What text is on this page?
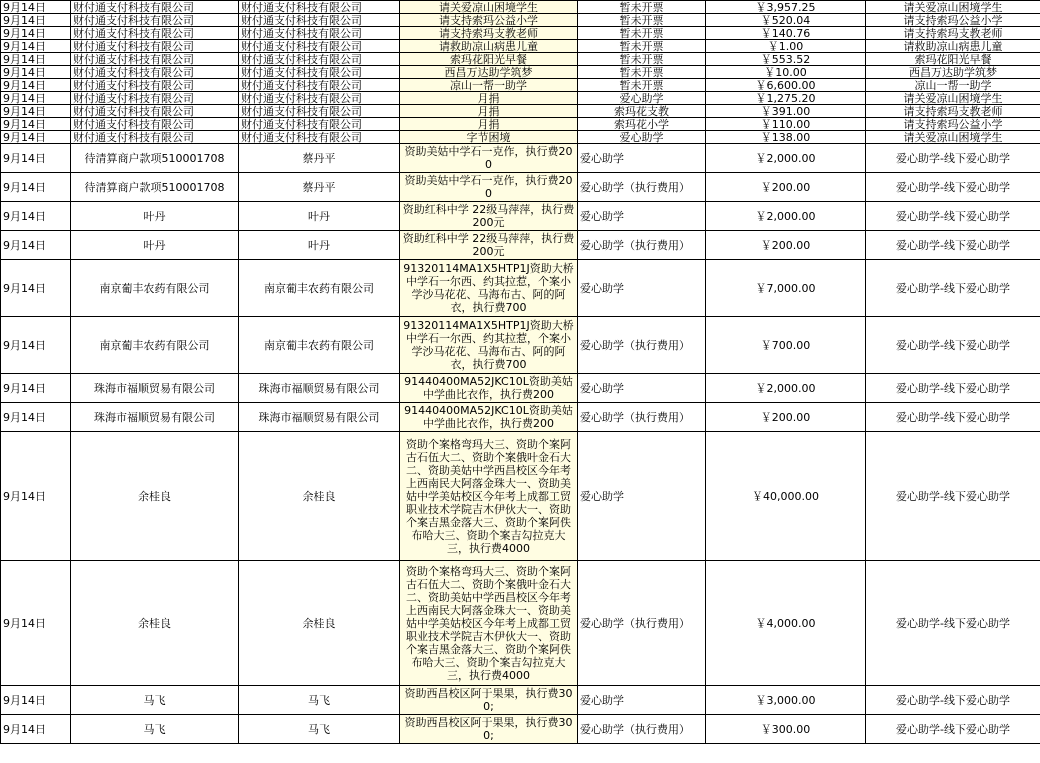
9月14日	财付通支付科技有限公司	财付通支付科技有限公司	请关爱凉山困境学生	暂未开票	￥3,957.25	请关爱凉山困境学生
9月14日	财付通支付科技有限公司	财付通支付科技有限公司	请支持索玛公益小学	暂未开票	￥520.04	请支持索玛公益小学
9月14日	财付通支付科技有限公司	财付通支付科技有限公司	请支持索玛支教老师	暂未开票	￥140.76	请支持索玛支教老师
9月14日	财付通支付科技有限公司	财付通支付科技有限公司	请救助凉山病患儿童	暂未开票	￥1.00	请救助凉山病患儿童
9月14日	财付通支付科技有限公司	财付通支付科技有限公司	索玛花阳光早餐	暂未开票	￥553.52	索玛花阳光早餐
9月14日	财付通支付科技有限公司	财付通支付科技有限公司	西昌万达助学筑梦	暂未开票	￥10.00	西昌万达助学筑梦
9月14日	财付通支付科技有限公司	财付通支付科技有限公司	凉山一帮一助学	暂未开票	￥6,600.00	凉山一帮一助学
9月14日	财付通支付科技有限公司	财付通支付科技有限公司	月捐	爱心助学	￥1,275.20	请关爱凉山困境学生
9月14日	财付通支付科技有限公司	财付通支付科技有限公司	月捐	索玛花支教	￥391.00	请支持索玛支教老师
9月14日	财付通支付科技有限公司	财付通支付科技有限公司	月捐	索玛花小学	￥110.00	请支持索玛公益小学
9月14日	财付通支付科技有限公司	财付通支付科技有限公司	字节困境	爱心助学	￥138.00	请关爱凉山困境学生
9月14日	待清算商户款项510001708	蔡丹平	资助美姑中学石一克作，执行费200	爱心助学	￥2,000.00	爱心助学-线下爱心助学
9月14日	待清算商户款项510001708	蔡丹平	资助美姑中学石一克作，执行费200	爱心助学（执行费用）	￥200.00	爱心助学-线下爱心助学
9月14日	叶丹	叶丹	资助红科中学 22级马萍萍，执行费200元	爱心助学	￥2,000.00	爱心助学-线下爱心助学
9月14日	叶丹	叶丹	资助红科中学 22级马萍萍，执行费200元	爱心助学（执行费用）	￥200.00	爱心助学-线下爱心助学
9月14日	南京葡丰农药有限公司	南京葡丰农药有限公司	91320114MA1X5HTP1J资助大桥中学石一尔西、约其拉惹，个案小学沙马花花、马海布古、阿的阿衣，执行费700	爱心助学	￥7,000.00	爱心助学-线下爱心助学
9月14日	南京葡丰农药有限公司	南京葡丰农药有限公司	91320114MA1X5HTP1J资助大桥中学石一尔西、约其拉惹，个案小学沙马花花、马海布古、阿的阿衣，执行费700	爱心助学（执行费用）	￥700.00	爱心助学-线下爱心助学
9月14日	珠海市福顺贸易有限公司	珠海市福顺贸易有限公司	91440400MA52JKC10L资助美姑中学曲比衣作，执行费200	爱心助学	￥2,000.00	爱心助学-线下爱心助学
9月14日	珠海市福顺贸易有限公司	珠海市福顺贸易有限公司	91440400MA52JKC10L资助美姑中学曲比衣作，执行费200	爱心助学（执行费用）	￥200.00	爱心助学-线下爱心助学
9月14日	余桂良	余桂良	资助个案格弯玛大三、资助个案阿古石伍大二、资助个案俄叶金石大二、资助美姑中学西昌校区今年考上西南民大阿落金珠大一、资助美姑中学美姑校区今年考上成都工贸职业技术学院吉木伊伙大一、资助个案吉黑金落大三、资助个案阿佚布哈大三、资助个案吉勾拉克大三，执行费4000	爱心助学	￥40,000.00	爱心助学-线下爱心助学
9月14日	余桂良	余桂良	资助个案格弯玛大三、资助个案阿古石伍大二、资助个案俄叶金石大二、资助美姑中学西昌校区今年考上西南民大阿落金珠大一、资助美姑中学美姑校区今年考上成都工贸职业技术学院吉木伊伙大一、资助个案吉黑金落大三、资助个案阿佚布哈大三、资助个案吉勾拉克大三，执行费4000	爱心助学（执行费用）	￥4,000.00	爱心助学-线下爱心助学
9月14日	马飞	马飞	资助西昌校区阿于果果，执行费300;	爱心助学	￥3,000.00	爱心助学-线下爱心助学
9月14日	马飞	马飞	资助西昌校区阿于果果，执行费300;	爱心助学（执行费用）	￥300.00	爱心助学-线下爱心助学
